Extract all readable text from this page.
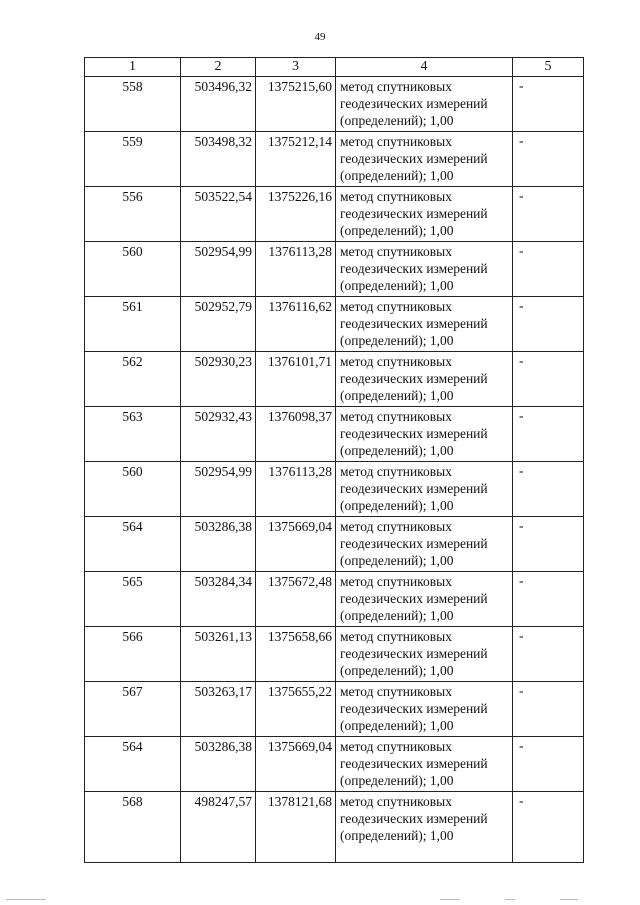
49
1	2	3	4	5
558	503496,32	1375215,60	метод спутниковых геодезических измерений (определений); 1,00	-
559	503498,32	1375212,14	метод спутниковых геодезических измерений (определений); 1,00	-
556	503522,54	1375226,16	метод спутниковых геодезических измерений (определений); 1,00	-
560	502954,99	1376113,28	метод спутниковых геодезических измерений (определений); 1,00	-
561	502952,79	1376116,62	метод спутниковых геодезических измерений (определений); 1,00	-
562	502930,23	1376101,71	метод спутниковых геодезических измерений (определений); 1,00	-
563	502932,43	1376098,37	метод спутниковых геодезических измерений (определений); 1,00	-
560	502954,99	1376113,28	метод спутниковых геодезических измерений (определений); 1,00	-
564	503286,38	1375669,04	метод спутниковых геодезических измерений (определений); 1,00	-
565	503284,34	1375672,48	метод спутниковых геодезических измерений (определений); 1,00	-
566	503261,13	1375658,66	метод спутниковых геодезических измерений (определений); 1,00	-
567	503263,17	1375655,22	метод спутниковых геодезических измерений (определений); 1,00	-
564	503286,38	1375669,04	метод спутниковых геодезических измерений (определений); 1,00	-
568	498247,57	1378121,68	метод спутниковых геодезических измерений (определений); 1,00	-
